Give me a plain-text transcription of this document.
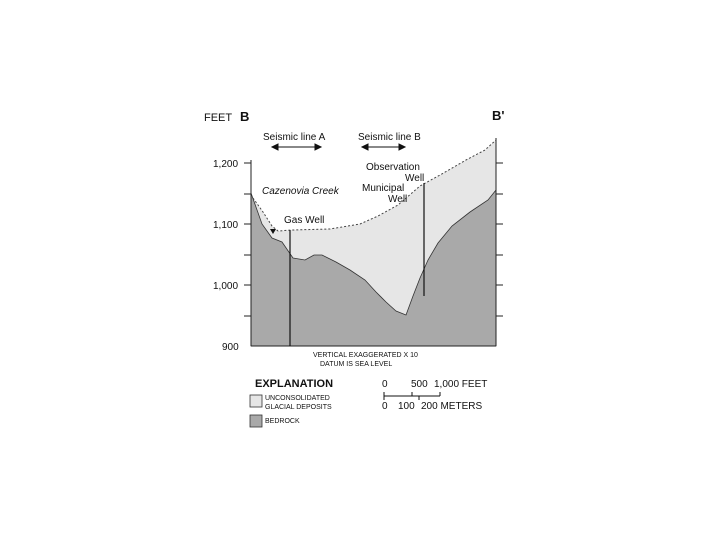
FEET B	B'
1,200
1,100
1,000
900
Seismic line A	Seismic line B
Observation
Well
Municipal
Well
Cazenovia Creek
Gas Well
VERTICAL EXAGGERATED X 10
DATUM IS SEA LEVEL
EXPLANATION
UNCONSOLIDATED
GLACIAL DEPOSITS
BEDROCK
0 500 1,000 FEET
0 100 200 METERS
